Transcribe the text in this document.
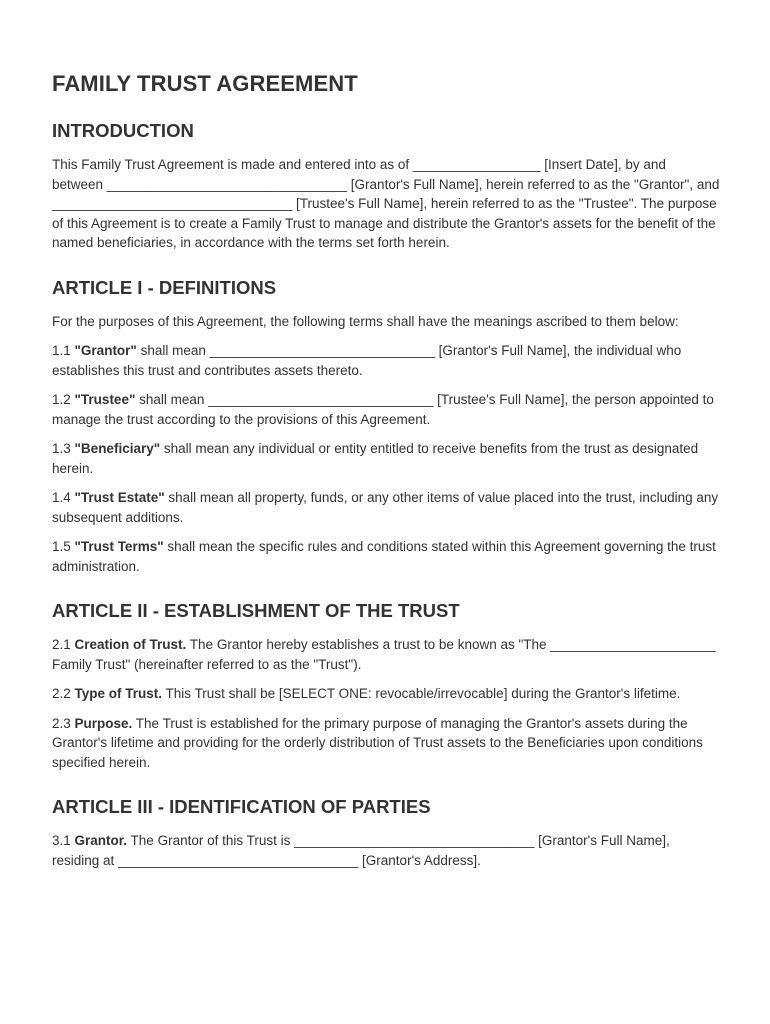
FAMILY TRUST AGREEMENT
INTRODUCTION

This Family Trust Agreement is made and entered into as of _________________ [Insert Date], by and between ________________________________ [Grantor's Full Name], herein referred to as the "Grantor", and ________________________________ [Trustee's Full Name], herein referred to as the "Trustee". The purpose of this Agreement is to create a Family Trust to manage and distribute the Grantor's assets for the benefit of the named beneficiaries, in accordance with the terms set forth herein.

ARTICLE I - DEFINITIONS

For the purposes of this Agreement, the following terms shall have the meanings ascribed to them below:

1.1 "Grantor" shall mean ______________________________ [Grantor's Full Name], the individual who establishes this trust and contributes assets thereto.

1.2 "Trustee" shall mean ______________________________ [Trustee's Full Name], the person appointed to manage the trust according to the provisions of this Agreement.

1.3 "Beneficiary" shall mean any individual or entity entitled to receive benefits from the trust as designated herein.

1.4 "Trust Estate" shall mean all property, funds, or any other items of value placed into the trust, including any subsequent additions.

1.5 "Trust Terms" shall mean the specific rules and conditions stated within this Agreement governing the trust administration.

ARTICLE II - ESTABLISHMENT OF THE TRUST

2.1 Creation of Trust. The Grantor hereby establishes a trust to be known as "The ______________________ Family Trust" (hereinafter referred to as the "Trust").

2.2 Type of Trust. This Trust shall be [SELECT ONE: revocable/irrevocable] during the Grantor's lifetime.

2.3 Purpose. The Trust is established for the primary purpose of managing the Grantor's assets during the Grantor's lifetime and providing for the orderly distribution of Trust assets to the Beneficiaries upon conditions specified herein.

ARTICLE III - IDENTIFICATION OF PARTIES

3.1 Grantor. The Grantor of this Trust is ________________________________ [Grantor's Full Name], residing at ________________________________ [Grantor's Address].
